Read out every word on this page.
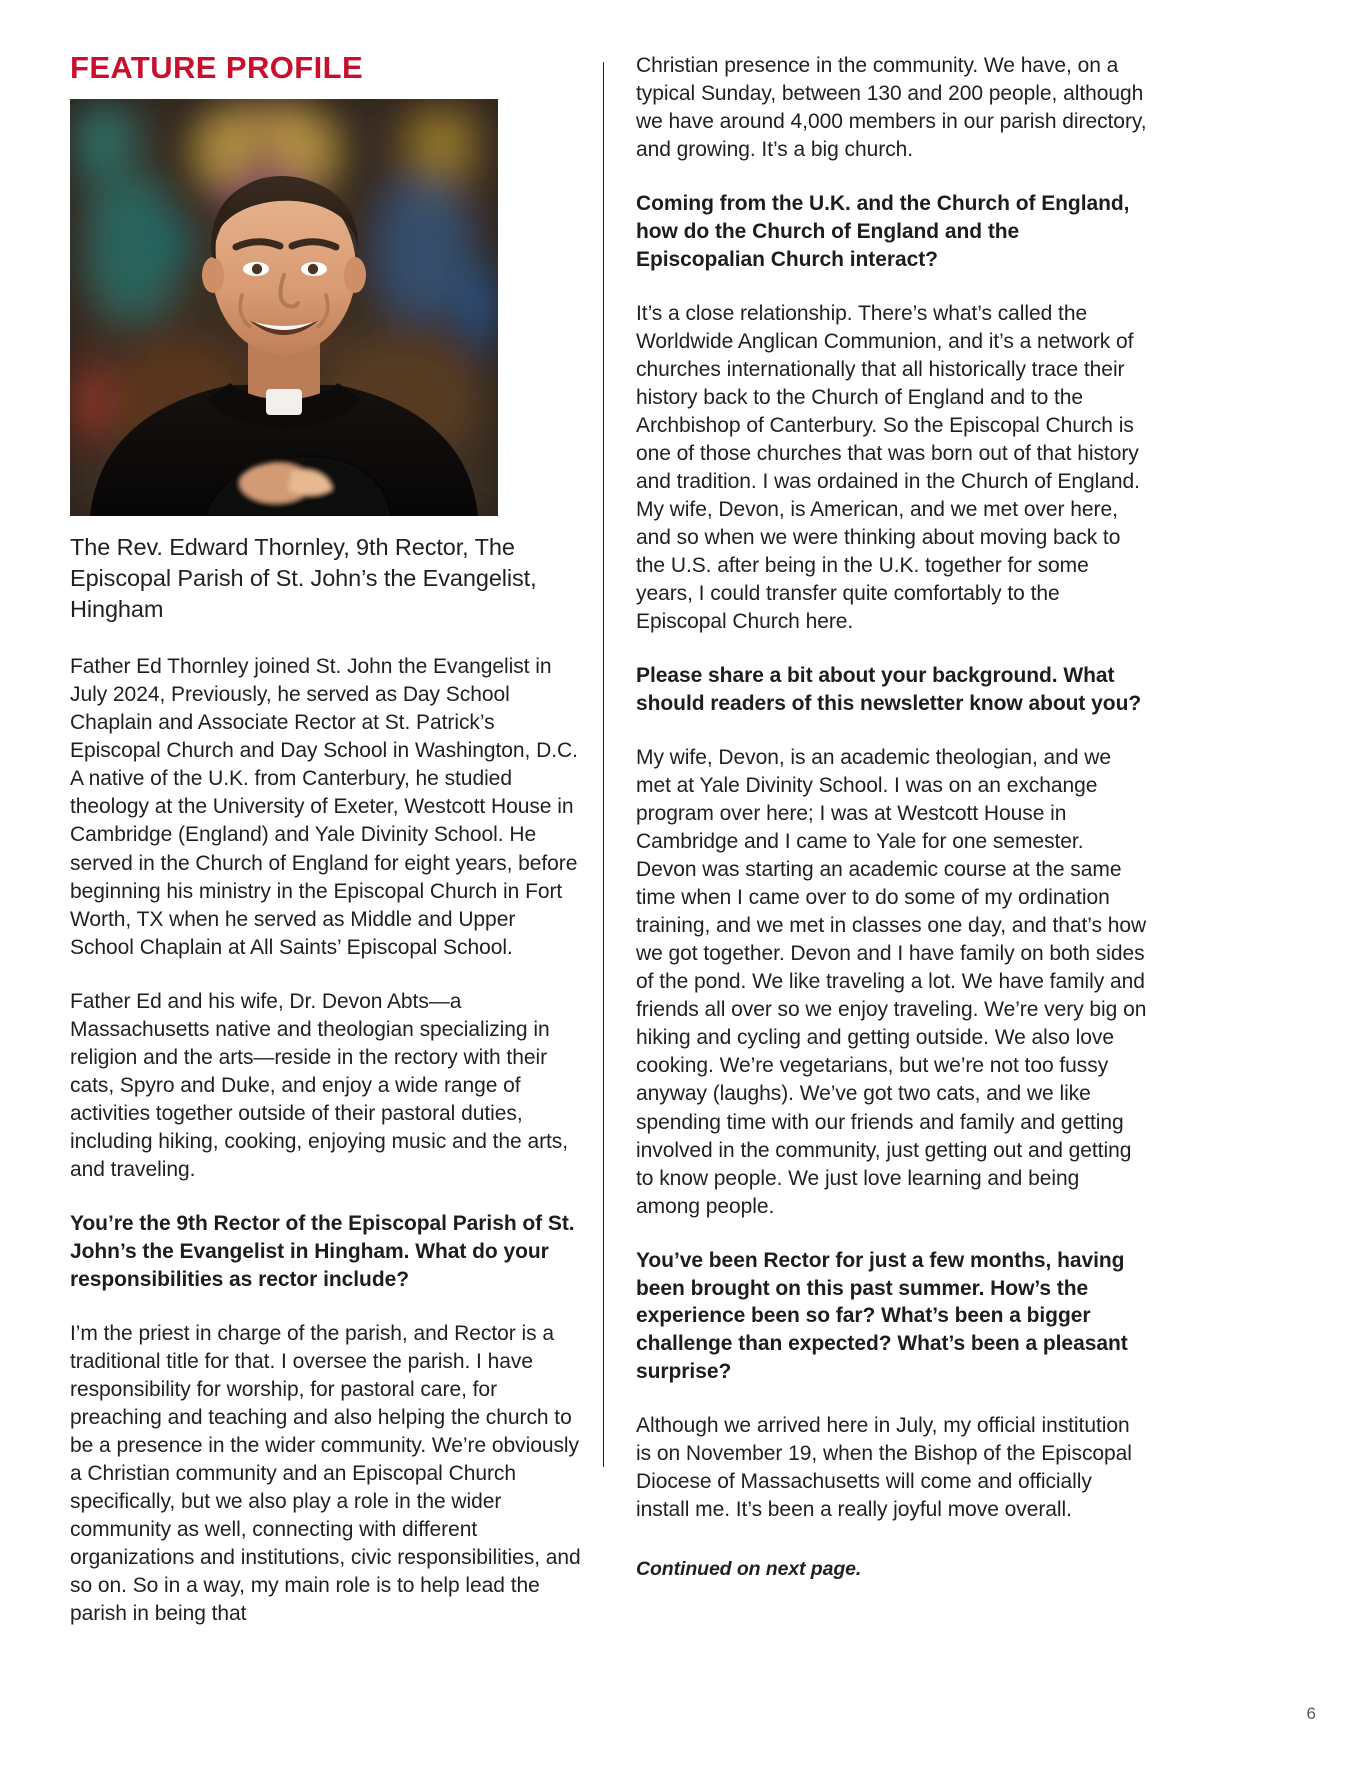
FEATURE PROFILE
The Rev. Edward Thornley, 9th Rector, The Episcopal Parish of St. John’s the Evangelist, Hingham

Father Ed Thornley joined St. John the Evangelist in July 2024, Previously, he served as Day School Chaplain and Associate Rector at St. Patrick’s Episcopal Church and Day School in Washington, D.C. A native of the U.K. from Canterbury, he studied theology at the University of Exeter, Westcott House in Cambridge (England) and Yale Divinity School. He served in the Church of England for eight years, before beginning his ministry in the Episcopal Church in Fort Worth, TX when he served as Middle and Upper School Chaplain at All Saints’ Episcopal School.

Father Ed and his wife, Dr. Devon Abts—a Massachusetts native and theologian specializing in religion and the arts—reside in the rectory with their cats, Spyro and Duke, and enjoy a wide range of activities together outside of their pastoral duties, including hiking, cooking, enjoying music and the arts, and traveling.

You’re the 9th Rector of the Episcopal Parish of St. John’s the Evangelist in Hingham. What do your responsibilities as rector include?

I’m the priest in charge of the parish, and Rector is a traditional title for that. I oversee the parish. I have responsibility for worship, for pastoral care, for preaching and teaching and also helping the church to be a presence in the wider community. We’re obviously a Christian community and an Episcopal Church specifically, but we also play a role in the wider community as well, connecting with different organizations and institutions, civic responsibilities, and so on. So in a way, my main role is to help lead the parish in being that

Christian presence in the community. We have, on a typical Sunday, between 130 and 200 people, although we have around 4,000 members in our parish directory, and growing. It’s a big church.

Coming from the U.K. and the Church of England, how do the Church of England and the Episcopalian Church interact?

It’s a close relationship. There’s what’s called the Worldwide Anglican Communion, and it’s a network of churches internationally that all historically trace their history back to the Church of England and to the Archbishop of Canterbury. So the Episcopal Church is one of those churches that was born out of that history and tradition. I was ordained in the Church of England. My wife, Devon, is American, and we met over here, and so when we were thinking about moving back to the U.S. after being in the U.K. together for some years, I could transfer quite comfortably to the Episcopal Church here.

Please share a bit about your background. What should readers of this newsletter know about you?

My wife, Devon, is an academic theologian, and we met at Yale Divinity School. I was on an exchange program over here; I was at Westcott House in Cambridge and I came to Yale for one semester. Devon was starting an academic course at the same time when I came over to do some of my ordination training, and we met in classes one day, and that’s how we got together. Devon and I have family on both sides of the pond. We like traveling a lot. We have family and friends all over so we enjoy traveling. We’re very big on hiking and cycling and getting outside. We also love cooking. We’re vegetarians, but we’re not too fussy anyway (laughs). We’ve got two cats, and we like spending time with our friends and family and getting involved in the community, just getting out and getting to know people. We just love learning and being among people.

You’ve been Rector for just a few months, having been brought on this past summer. How’s the experience been so far? What’s been a bigger challenge than expected? What’s been a pleasant surprise?

Although we arrived here in July, my official institution is on November 19, when the Bishop of the Episcopal Diocese of Massachusetts will come and officially install me. It’s been a really joyful move overall.

Continued on next page.

6
